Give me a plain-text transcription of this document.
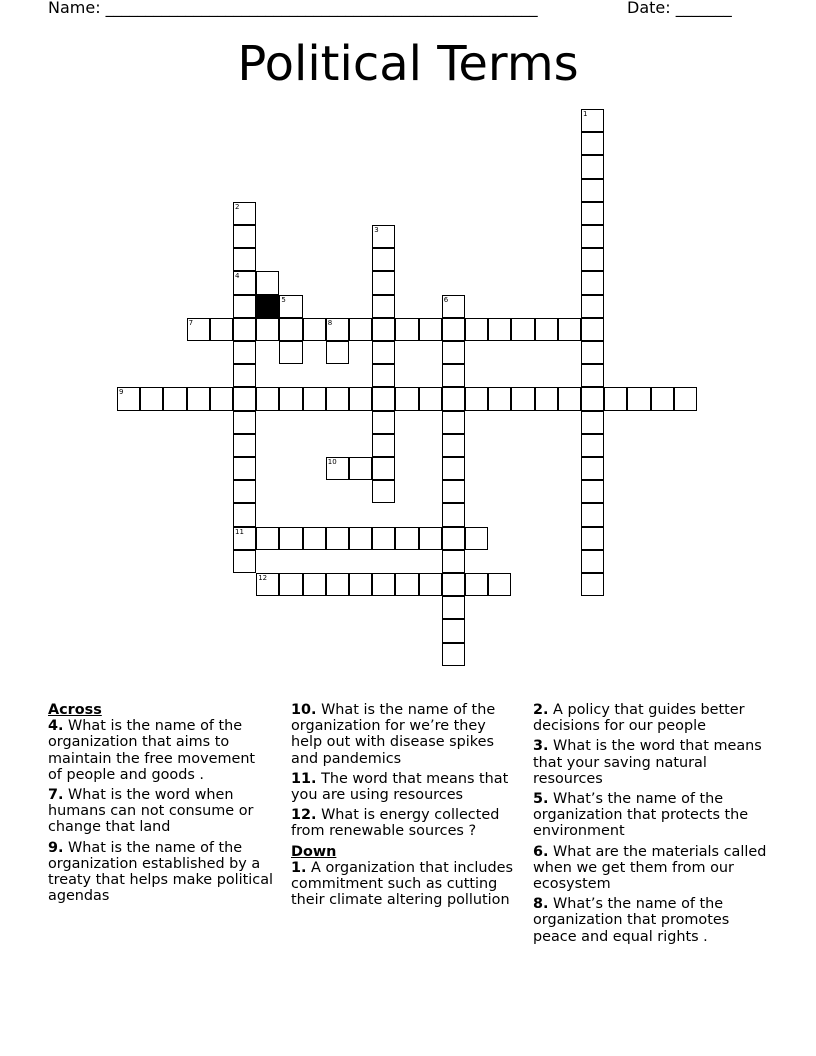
Name: ______________________________________________________	Date: _______
Political Terms
1
2
4
11
3
5	6
7	8
9
10
12

Across

4. What is the name of the organization that aims to maintain the free movement of people and goods .

7. What is the word when humans can not consume or change that land

9. What is the name of the organization established by a treaty that helps make political agendas

10. What is the name of the organization for we’re they help out with disease spikes and pandemics

11. The word that means that you are using resources

12. What is energy collected from renewable sources ?

Down

1. A organization that includes commitment such as cutting their climate altering pollution

2. A policy that guides better decisions for our people

3. What is the word that means that your saving natural resources

5. What’s the name of the organization that protects the environment

6. What are the materials called when we get them from our ecosystem

8. What’s the name of the organization that promotes peace and equal rights .
